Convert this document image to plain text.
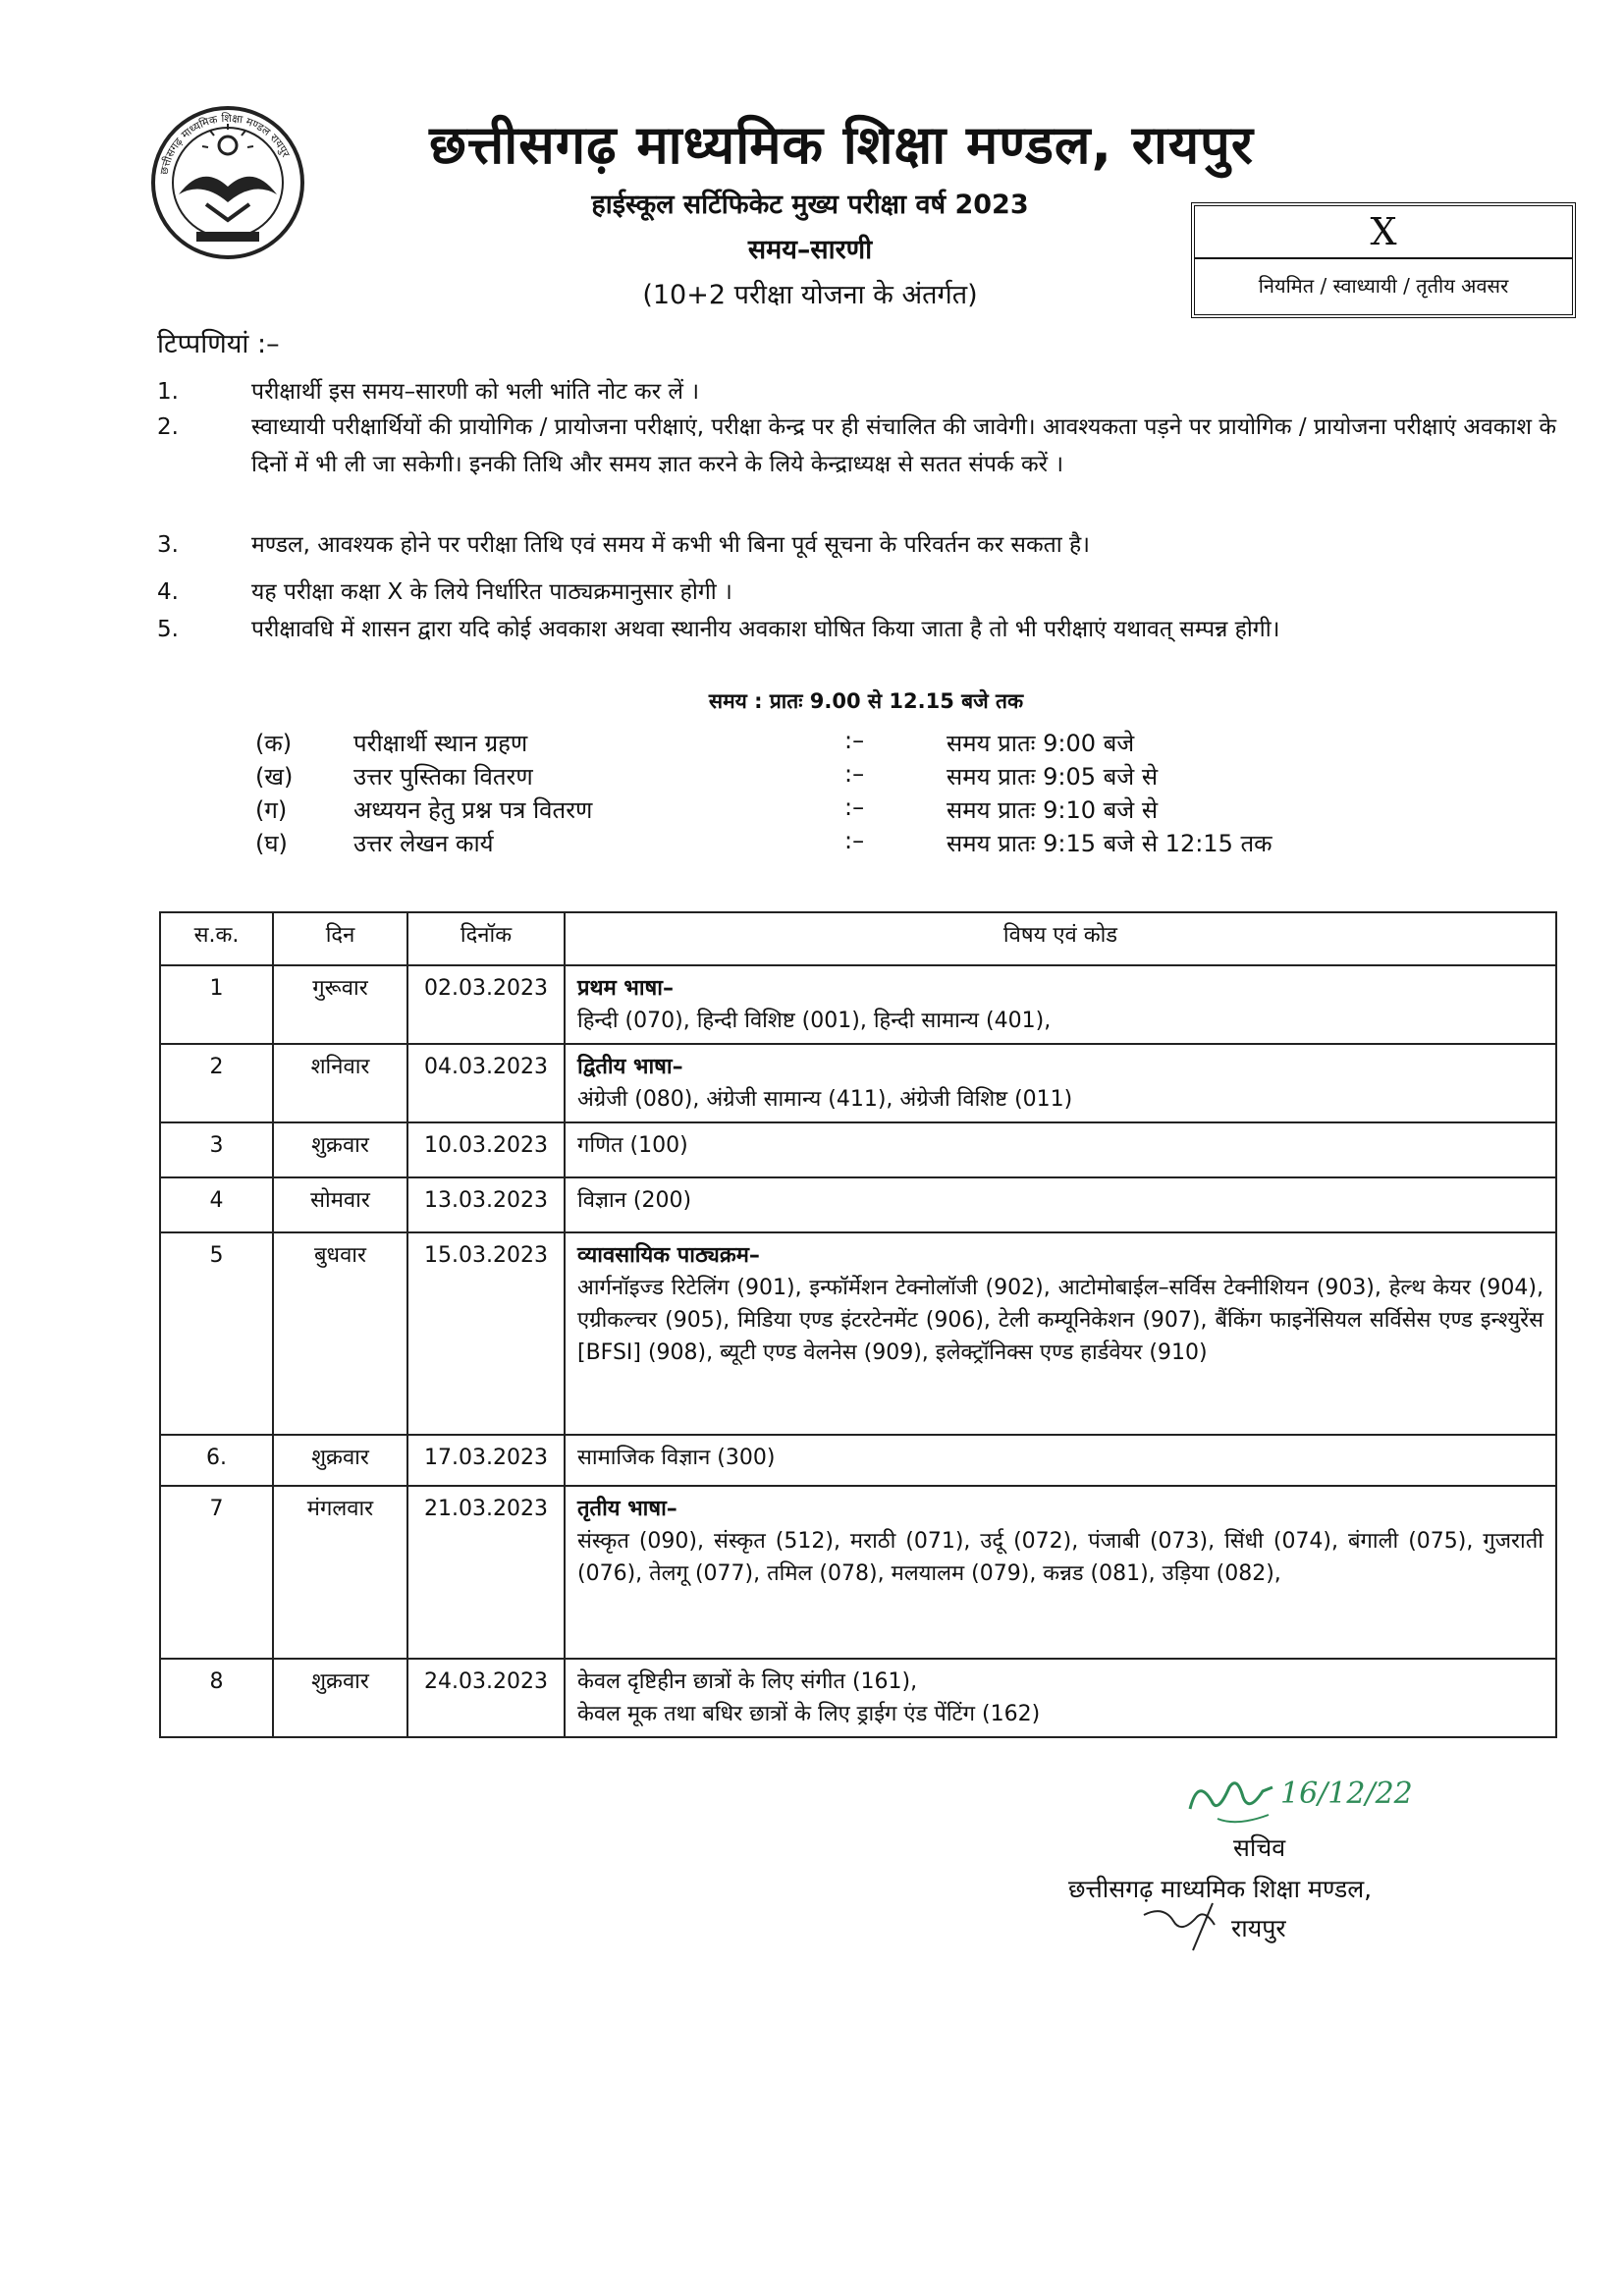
छत्तीसगढ़ माध्यमिक शिक्षा मण्डल रायपुर	छत्तीसगढ़ माध्यमिक शिक्षा मण्डल, रायपुर
हाईस्कूल सर्टिफिकेट मुख्य परीक्षा वर्ष 2023
समय–सारणी
(10+2 परीक्षा योजना के अंतर्गत)
X
नियमित / स्वाध्यायी / तृतीय अवसर
टिप्पणियां :–
1.	परीक्षार्थी इस समय–सारणी को भली भांति नोट कर लें ।
2.	स्वाध्यायी परीक्षार्थियों की प्रायोगिक / प्रायोजना परीक्षाएं, परीक्षा केन्द्र पर ही संचालित की जावेगी। आवश्यकता पड़ने पर प्रायोगिक / प्रायोजना परीक्षाएं अवकाश के दिनों में भी ली जा सकेगी। इनकी तिथि और समय ज्ञात करने के लिये केन्द्राध्यक्ष से सतत संपर्क करें ।
3.	मण्डल, आवश्यक होने पर परीक्षा तिथि एवं समय में कभी भी बिना पूर्व सूचना के परिवर्तन कर सकता है।
4.	यह परीक्षा कक्षा X के लिये निर्धारित पाठ्यक्रमानुसार होगी ।
5.	परीक्षावधि में शासन द्वारा यदि कोई अवकाश अथवा स्थानीय अवकाश घोषित किया जाता है तो भी परीक्षाएं यथावत् सम्पन्न होगी।
समय : प्रातः 9.00 से 12.15 बजे तक
(क)	परीक्षार्थी स्थान ग्रहण	:–	समय प्रातः 9:00 बजे
(ख)	उत्तर पुस्तिका वितरण	:–	समय प्रातः 9:05 बजे से
(ग)	अध्ययन हेतु प्रश्न पत्र वितरण	:–	समय प्रातः 9:10 बजे से
(घ)	उत्तर लेखन कार्य	:–	समय प्रातः 9:15 बजे से 12:15 तक
स.क.	दिन	दिनॉक	विषय एवं कोड
1	गुरूवार	02.03.2023	प्रथम भाषा–
हिन्दी (070), हिन्दी विशिष्ट (001), हिन्दी सामान्य (401),

2	शनिवार	04.03.2023	द्वितीय भाषा–
अंग्रेजी (080), अंग्रेजी सामान्य (411), अंग्रेजी विशिष्ट (011)

3	शुक्रवार	10.03.2023	गणित (100)

4	सोमवार	13.03.2023	विज्ञान (200)

5	बुधवार	15.03.2023	व्यावसायिक पाठ्यक्रम–
आर्गनॉइज्ड रिटेलिंग (901), इन्फॉर्मेशन टेक्नोलॉजी (902), आटोमोबाईल–सर्विस टेक्नीशियन (903), हेल्थ केयर (904), एग्रीकल्चर (905), मिडिया एण्ड इंटरटेनमेंट (906), टेली कम्यूनिकेशन (907), बैंकिंग फाइनेंसियल सर्विसेस एण्ड इन्श्युरेंस [BFSI] (908), ब्यूटी एण्ड वेलनेस (909), इलेक्ट्रॉनिक्स एण्ड हार्डवेयर (910)

6.	शुक्रवार	17.03.2023	सामाजिक विज्ञान (300)

7	मंगलवार	21.03.2023	तृतीय भाषा–
संस्कृत (090), संस्कृत (512), मराठी (071), उर्दू (072), पंजाबी (073), सिंधी (074), बंगाली (075), गुजराती (076), तेलगू (077), तमिल (078), मलयालम (079), कन्नड (081), उड़िया (082),

8	शुक्रवार	24.03.2023	केवल दृष्टिहीन छात्रों के लिए संगीत (161),
केवल मूक तथा बधिर छात्रों के लिए ड्राईग एंड पेंटिंग (162)
16/12/22
सचिव
छत्तीसगढ़ माध्यमिक शिक्षा मण्डल,
रायपुर
